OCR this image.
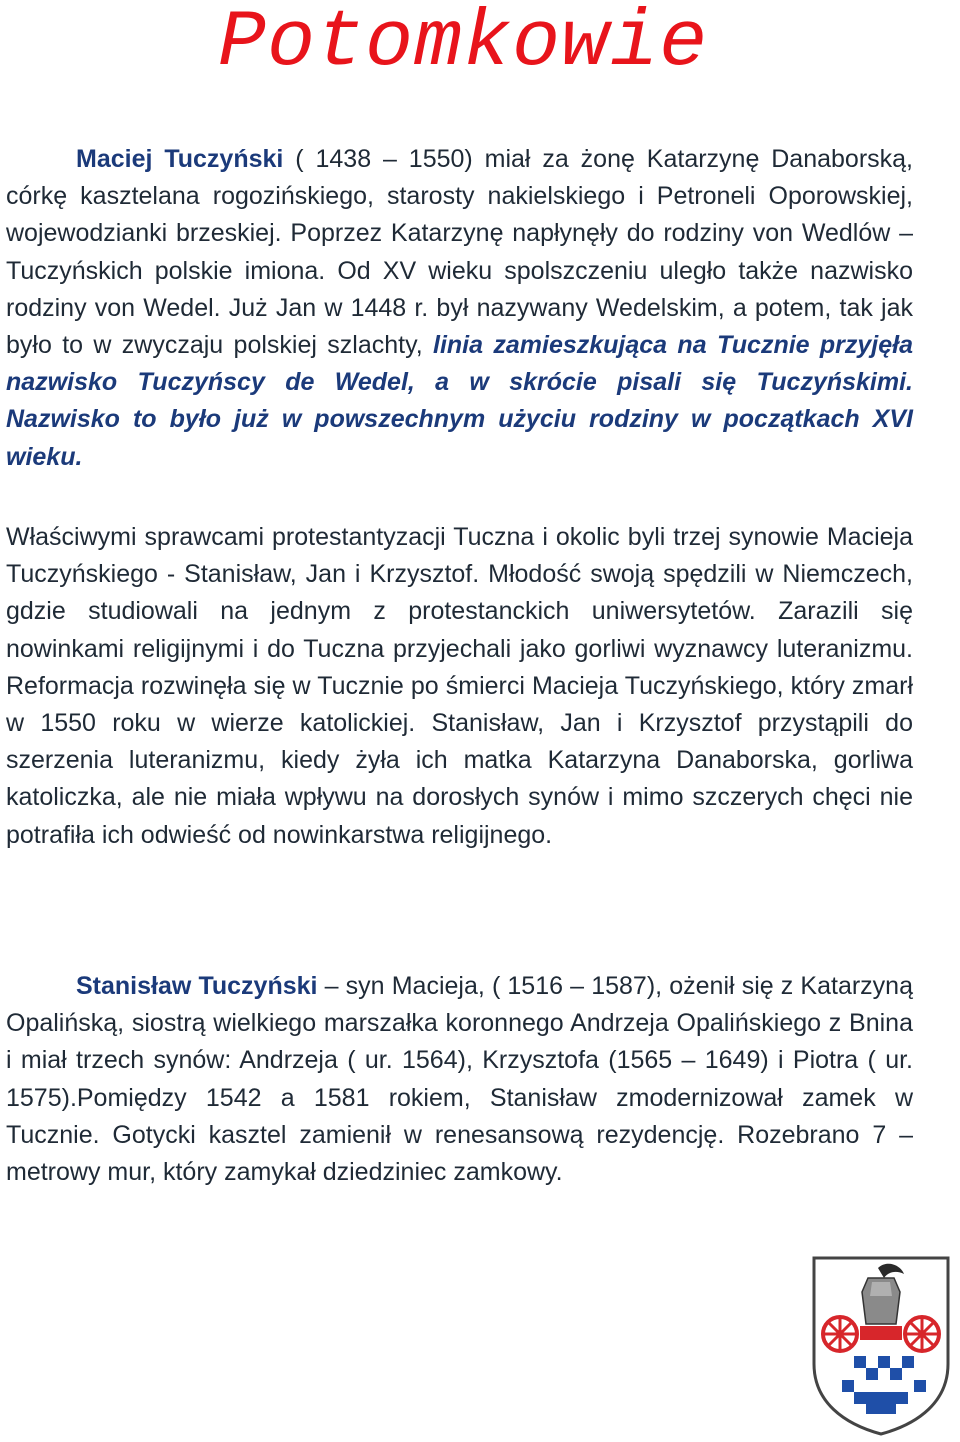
Potomkowie

Maciej Tuczyński ( 1438 – 1550) miał za żonę Katarzynę Danaborską, córkę kasztelana rogozińskiego, starosty nakielskiego i Petroneli Oporowskiej, wojewodzianki brzeskiej. Poprzez Katarzynę napłynęły do rodziny von Wedlów – Tuczyńskich polskie imiona. Od XV wieku spolszczeniu uległo także nazwisko rodziny von Wedel. Już Jan w 1448 r. był nazywany Wedelskim, a potem, tak jak było to w zwyczaju polskiej szlachty, linia zamieszkująca na Tucznie przyjęła nazwisko Tuczyńscy de Wedel, a w skrócie pisali się Tuczyńskimi. Nazwisko to było już w powszechnym użyciu rodziny w początkach XVI wieku.

Właściwymi sprawcami protestantyzacji Tuczna i okolic byli trzej synowie Macieja Tuczyńskiego - Stanisław, Jan i Krzysztof. Młodość swoją spędzili w Niemczech, gdzie studiowali na jednym z protestanckich uniwersytetów. Zarazili się nowinkami religijnymi i do Tuczna przyjechali jako gorliwi wyznawcy luteranizmu. Reformacja rozwinęła się w Tucznie po śmierci Macieja Tuczyńskiego, który zmarł w 1550 roku w wierze katolickiej. Stanisław, Jan i Krzysztof przystąpili do szerzenia luteranizmu, kiedy żyła ich matka Katarzyna Danaborska, gorliwa katoliczka, ale nie miała wpływu na dorosłych synów i mimo szczerych chęci nie potrafiła ich odwieść od nowinkarstwa religijnego.

Stanisław Tuczyński – syn Macieja, ( 1516 – 1587), ożenił się z Katarzyną Opalińską, siostrą wielkiego marszałka koronnego Andrzeja Opalińskiego z Bnina i miał trzech synów: Andrzeja ( ur. 1564), Krzysztofa (1565 – 1649) i Piotra ( ur. 1575).Pomiędzy 1542 a 1581 rokiem, Stanisław zmodernizował zamek w Tucznie. Gotycki kasztel zamienił w renesansową rezydencję. Rozebrano 7 – metrowy mur, który zamykał dziedziniec zamkowy.
